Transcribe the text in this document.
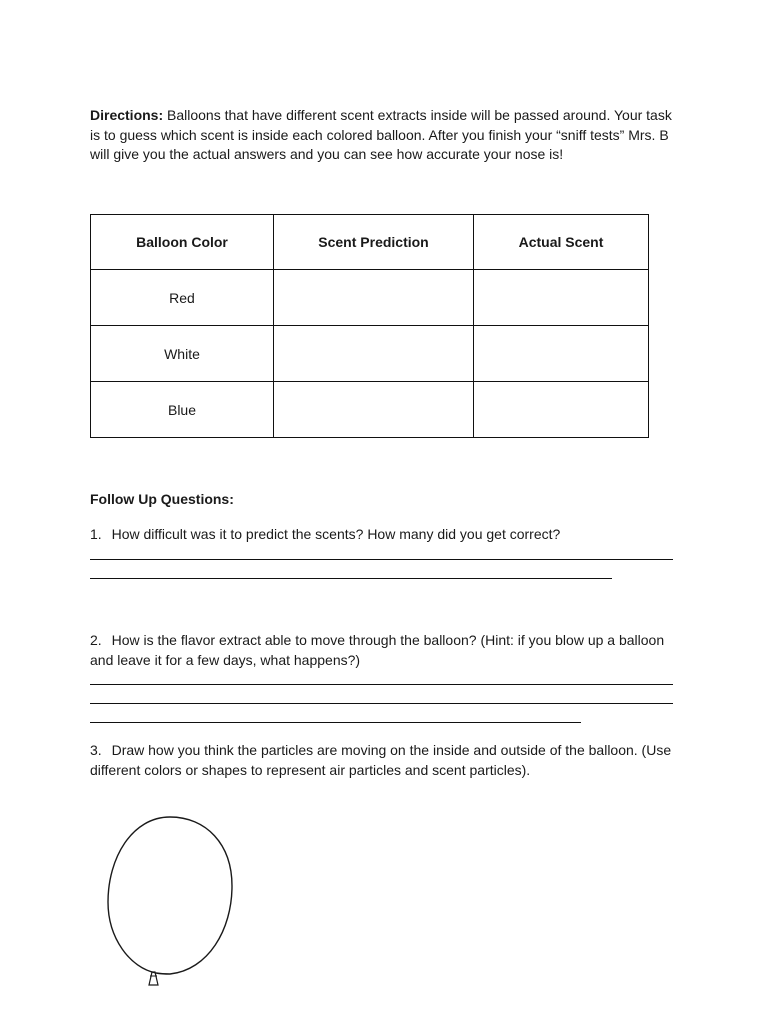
Directions: Balloons that have different scent extracts inside will be passed around. Your task is to guess which scent is inside each colored balloon. After you finish your “sniff tests” Mrs. B will give you the actual answers and you can see how accurate your nose is!
Balloon Color	Scent Prediction	Actual Scent
Red		
White		
Blue		
Follow Up Questions:
1. How difficult was it to predict the scents? How many did you get correct?
2. How is the flavor extract able to move through the balloon? (Hint: if you blow up a balloon and leave it for a few days, what happens?)
3. Draw how you think the particles are moving on the inside and outside of the balloon. (Use different colors or shapes to represent air particles and scent particles).
